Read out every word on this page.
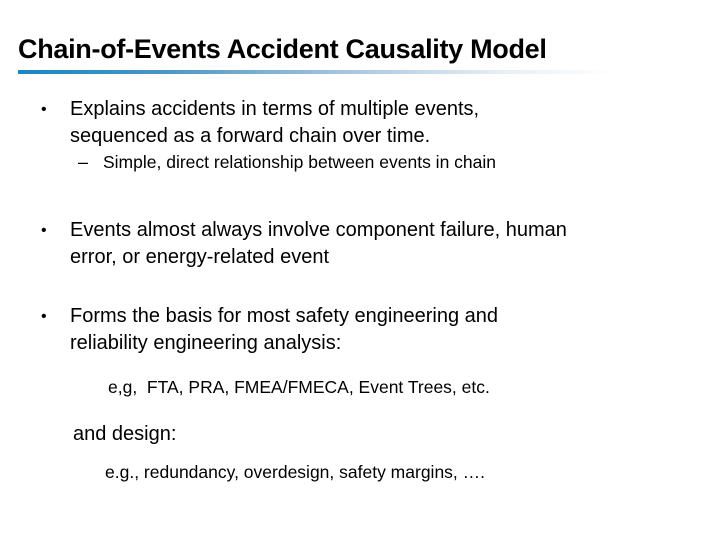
Chain-of-Events Accident Causality Model
• Explains accidents in terms of multiple events,
sequenced as a forward chain over time.
– Simple, direct relationship between events in chain
• Events almost always involve component failure, human
error, or energy-related event
• Forms the basis for most safety engineering and
reliability engineering analysis:
e,g,  FTA, PRA, FMEA/FMECA, Event Trees, etc.
and design:
e.g., redundancy, overdesign, safety margins, ….
